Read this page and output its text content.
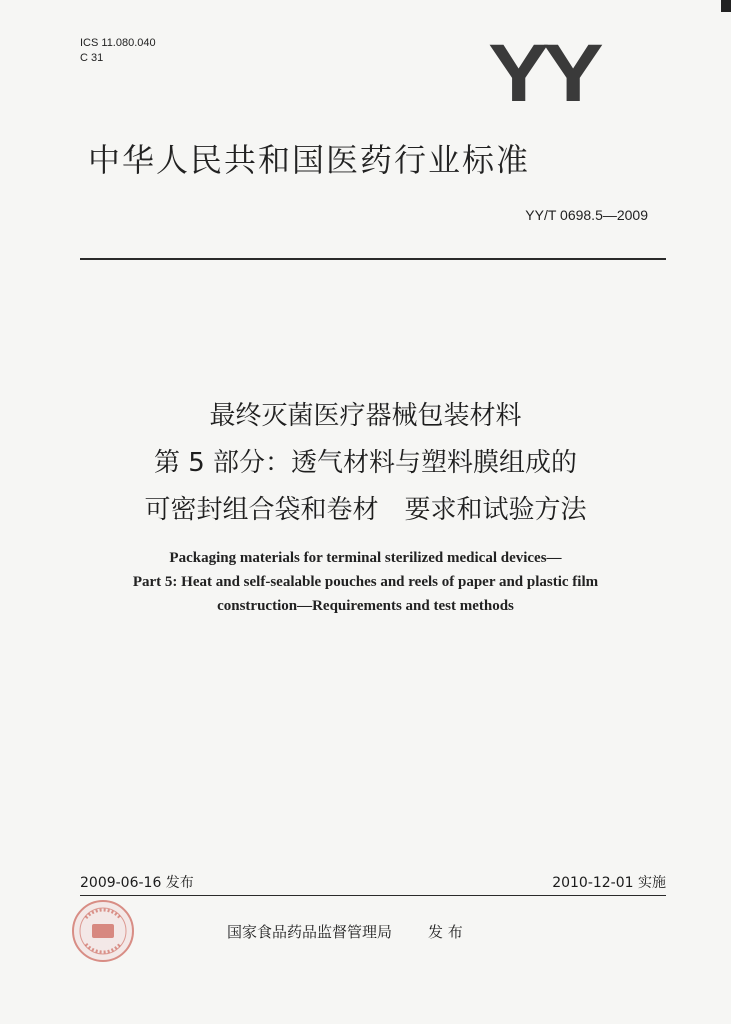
ICS 11.080.040
C 31	YY
中华人民共和国医药行业标准
YY/T 0698.5—2009
最终灭菌医疗器械包装材料
第 5 部分：透气材料与塑料膜组成的
可密封组合袋和卷材　要求和试验方法
Packaging materials for terminal sterilized medical devices—
Part 5: Heat and self-sealable pouches and reels of paper and plastic film
construction—Requirements and test methods
2009-06-16 发布	2010-12-01 实施
国家食品药品监督管理局 发 布
